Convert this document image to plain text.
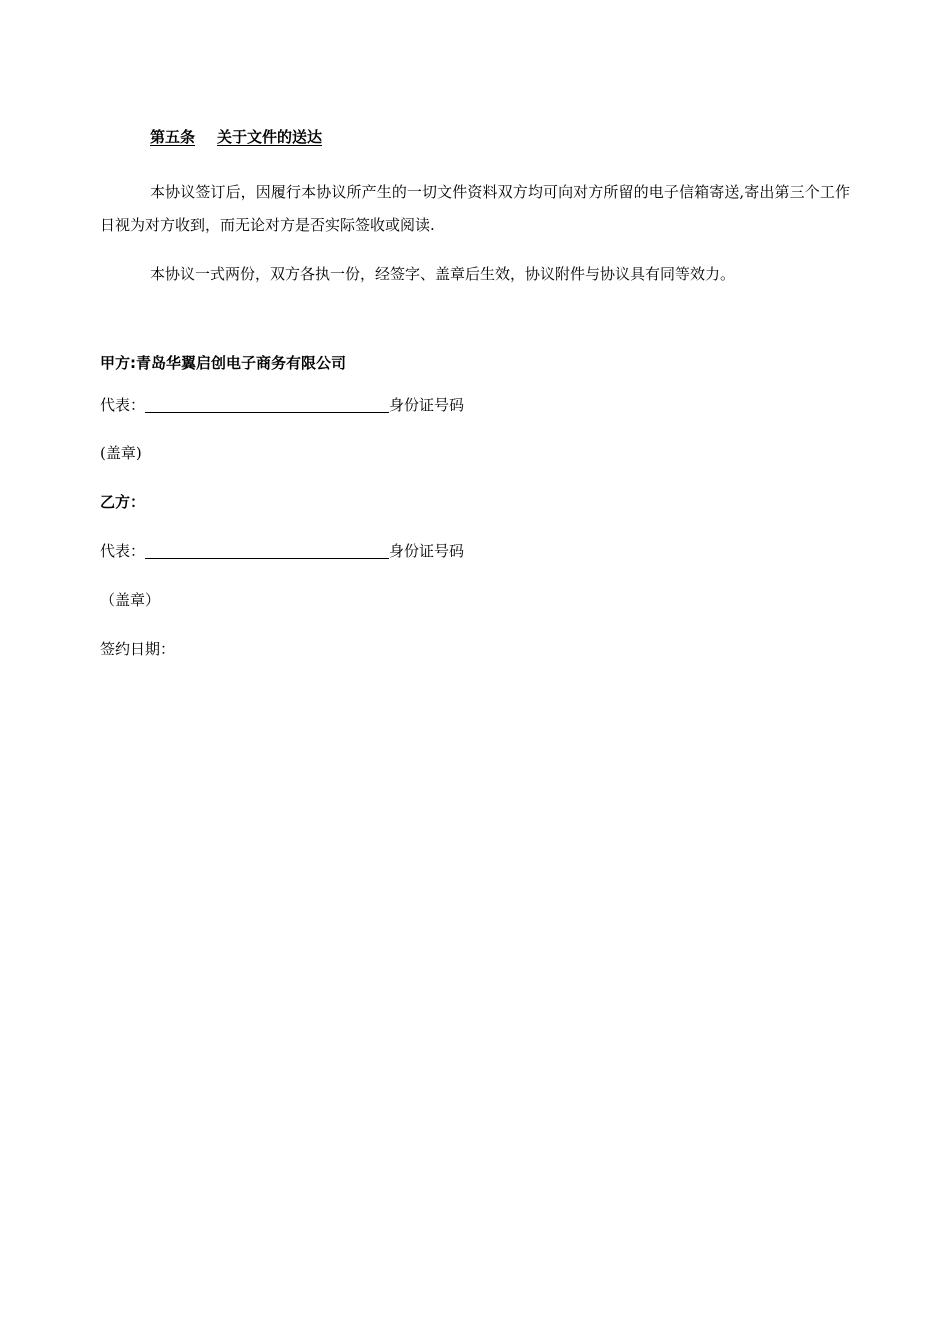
第五条 关于文件的送达
本协议签订后，因履行本协议所产生的一切文件资料双方均可向对方所留的电子信箱寄送,寄出第三个工作日视为对方收到，而无论对方是否实际签收或阅读.
本协议一式两份，双方各执一份，经签字、盖章后生效，协议附件与协议具有同等效力。
甲方:青岛华翼启创电子商务有限公司
代表：	身份证号码
(盖章)
乙方：
代表：	身份证号码
（盖章）
签约日期：
